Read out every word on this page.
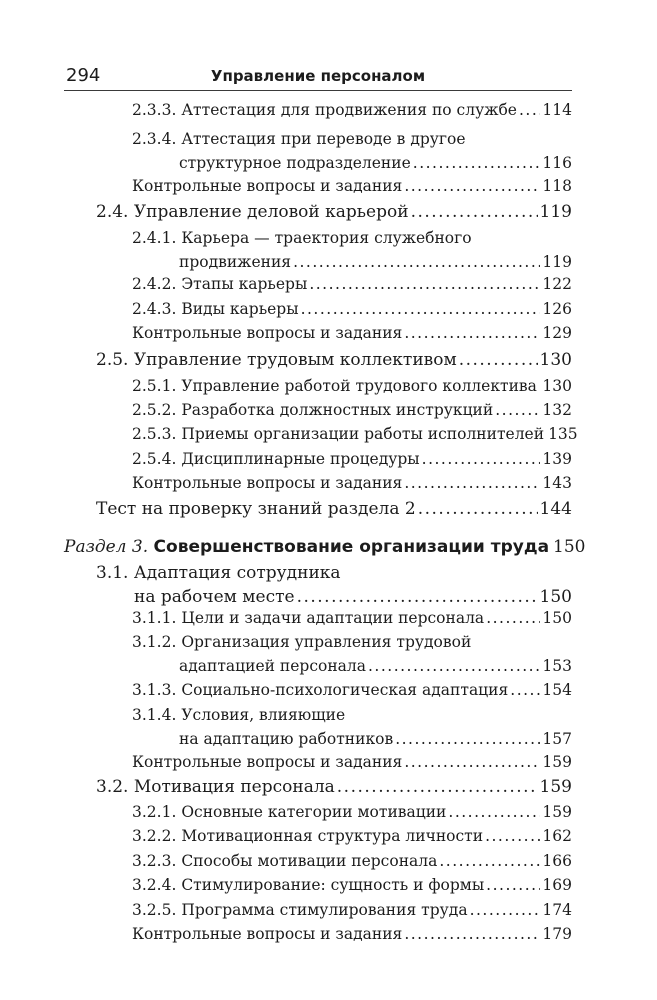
294	Управление персоналом
2.3.3. Аттестация для продвижения по службе ..... 114
2.3.4. Аттестация при переводе в другое
структурное подразделение .....	116
Контрольные вопросы и задания .....	118
2.4. Управление деловой карьерой .....	119
2.4.1. Карьера — траектория служебного
продвижения .....	119
2.4.2. Этапы карьеры .....	122
2.4.3. Виды карьеры .....	126
Контрольные вопросы и задания .....	129
2.5. Управление трудовым коллективом .....	130
2.5.1. Управление работой трудового коллектива ..... 130
2.5.2. Разработка должностных инструкций .....	132
2.5.3. Приемы организации работы исполнителей 135
2.5.4. Дисциплинарные процедуры .....	139
Контрольные вопросы и задания .....	143
Тест на проверку знаний раздела 2 .....	144
Раздел 3. Совершенствование организации труда 150
3.1. Адаптация сотрудника
на рабочем месте .....	150
3.1.1. Цели и задачи адаптации персонала .....	150
3.1.2. Организация управления трудовой
адаптацией персонала .....	153
3.1.3. Социально-психологическая адаптация ..... 154
3.1.4. Условия, влияющие
на адаптацию работников .....	157
Контрольные вопросы и задания .....	159
3.2. Мотивация персонала .....	159
3.2.1. Основные категории мотивации .....	159
3.2.2. Мотивационная структура личности .....	162
3.2.3. Способы мотивации персонала .....	166
3.2.4. Стимулирование: сущность и формы .....	169
3.2.5. Программа стимулирования труда .....	174
Контрольные вопросы и задания .....	179
